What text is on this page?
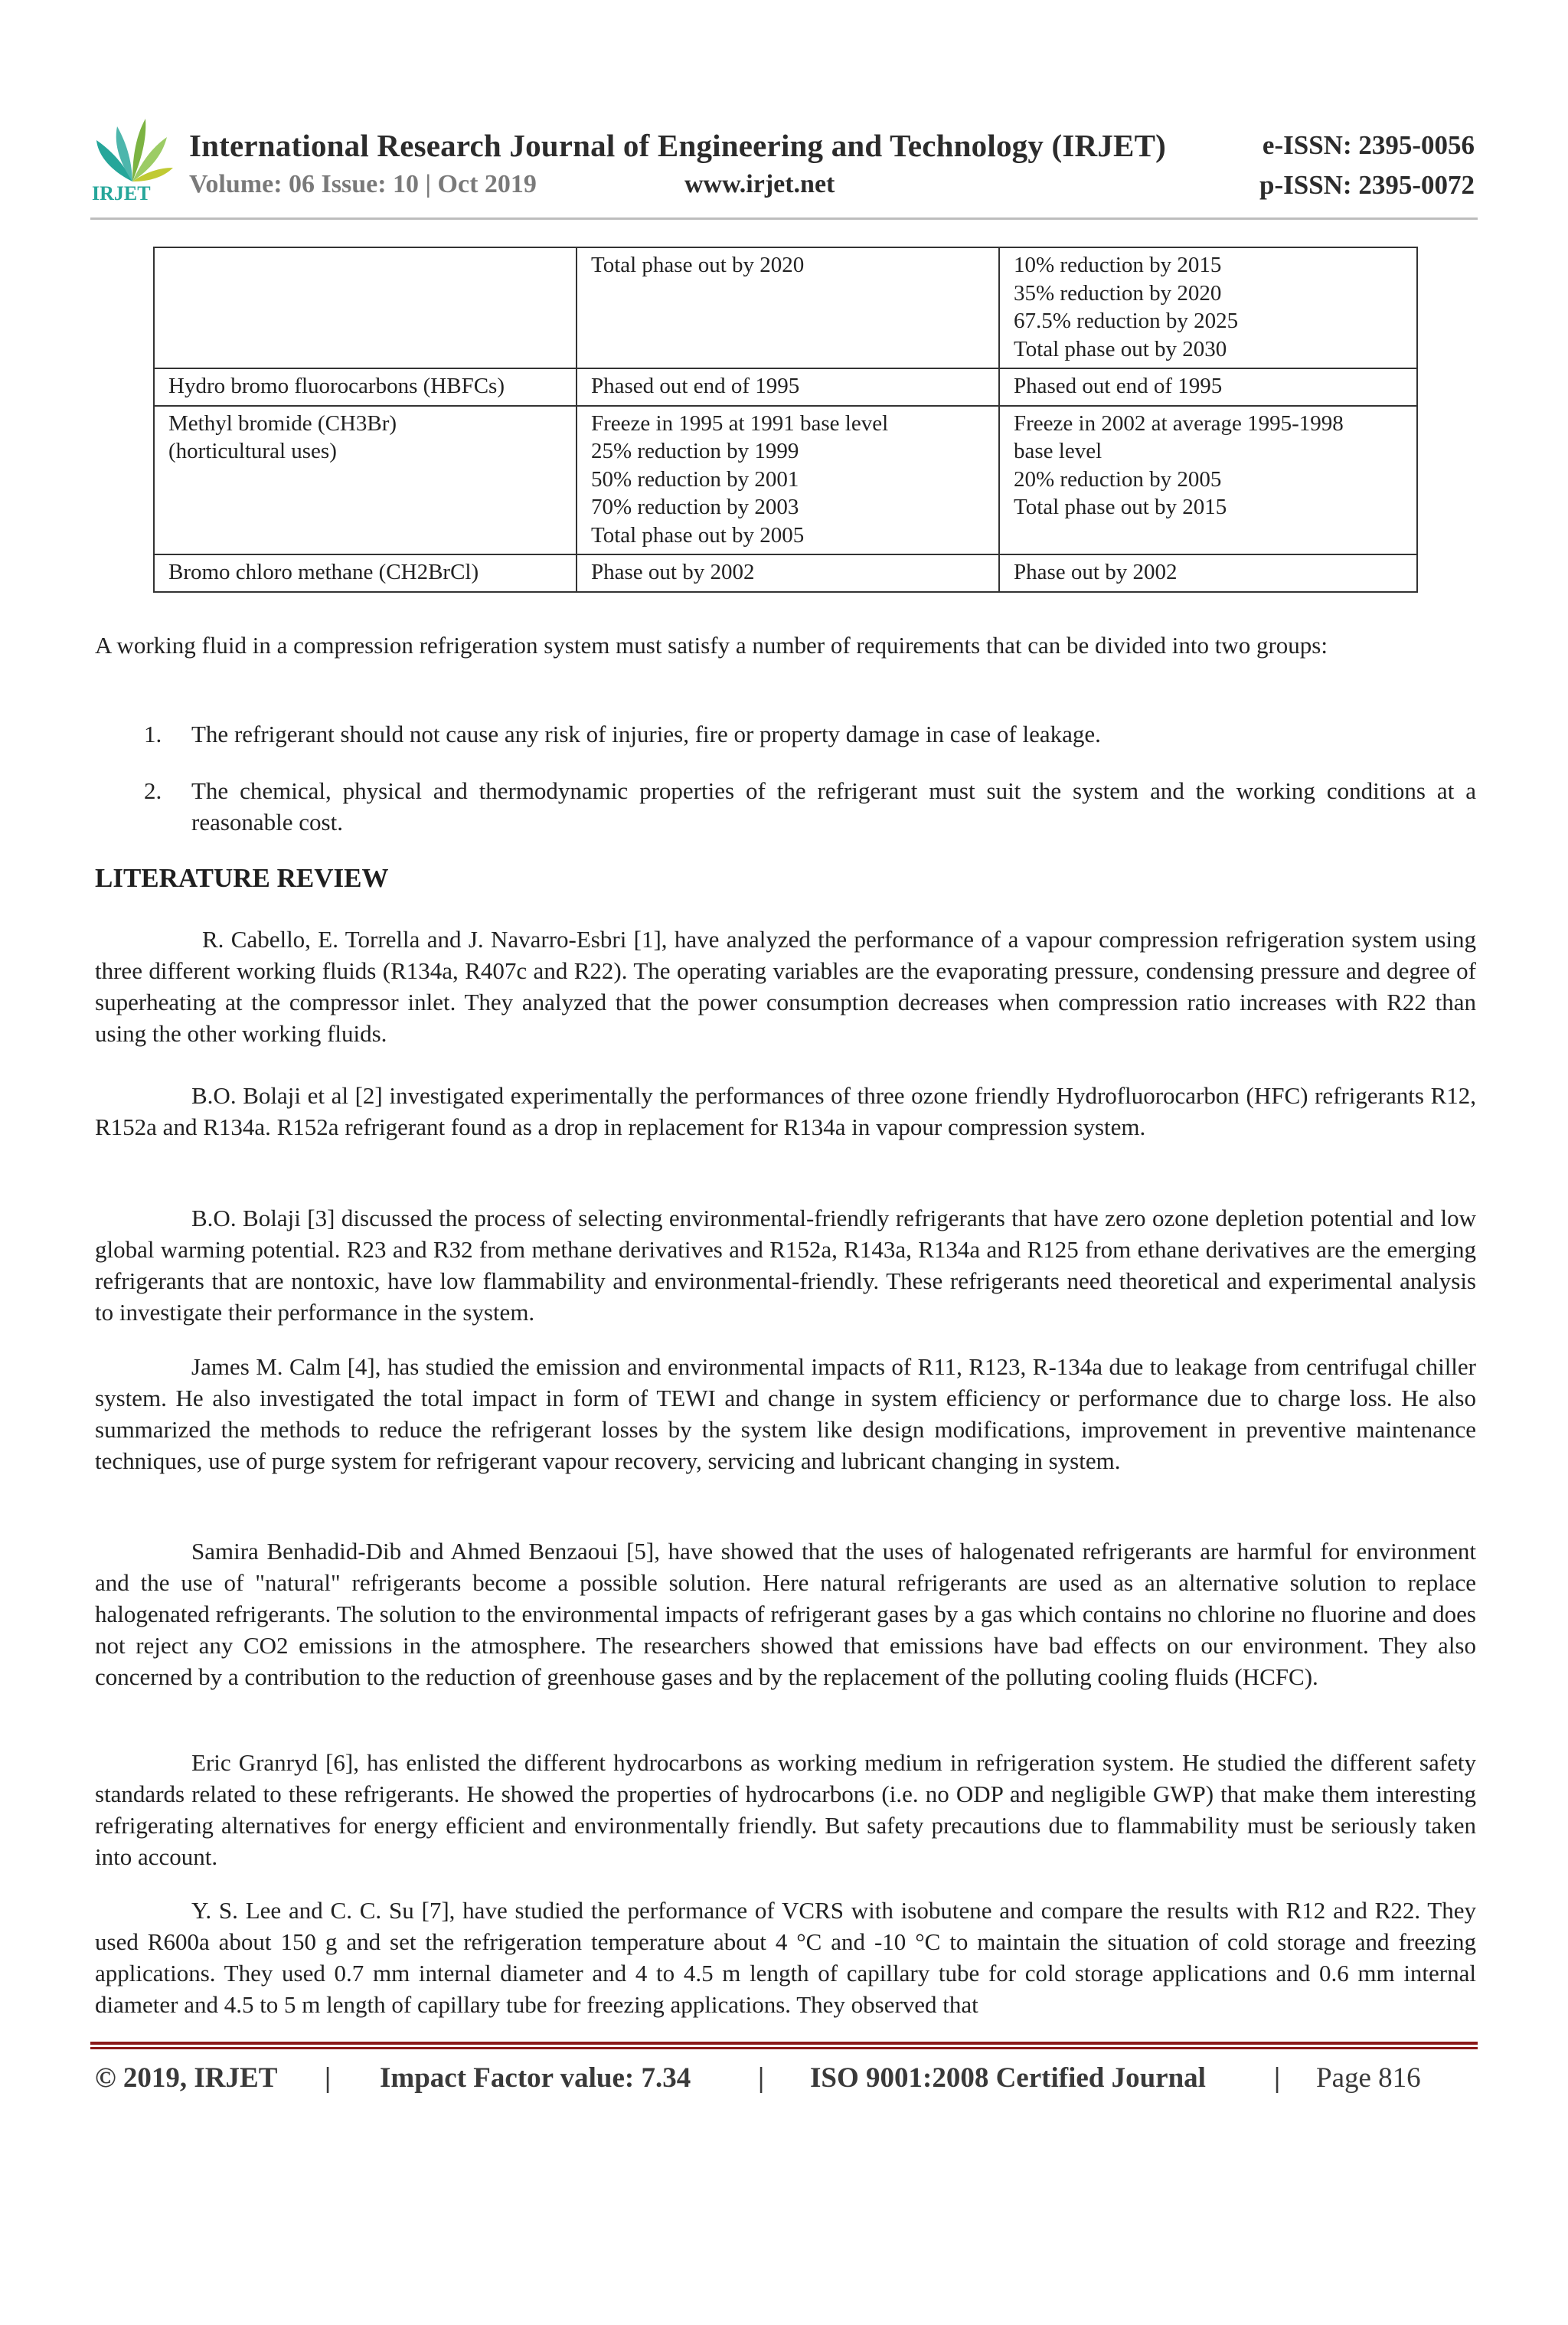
IRJET
International Research Journal of Engineering and Technology (IRJET)	e-ISSN: 2395-0056
Volume: 06 Issue: 10 | Oct 2019	www.irjet.net	p-ISSN: 2395-0072

	Total phase out by 2020	10% reduction by 2015
35% reduction by 2020
67.5% reduction by 2025
Total phase out by 2030

Hydro bromo fluorocarbons (HBFCs)	Phased out end of 1995	Phased out end of 1995

Methyl bromide (CH3Br)
(horticultural uses)	Freeze in 1995 at 1991 base level
25% reduction by 1999
50% reduction by 2001
70% reduction by 2003
Total phase out by 2005	Freeze in 2002 at average 1995-1998
base level
20% reduction by 2005
Total phase out by 2015

Bromo chloro methane (CH2BrCl)	Phase out by 2002	Phase out by 2002
A working fluid in a compression refrigeration system must satisfy a number of requirements that can be divided into two groups:
1. The refrigerant should not cause any risk of injuries, fire or property damage in case of leakage.
2. The chemical, physical and thermodynamic properties of the refrigerant must suit the system and the working conditions at a reasonable cost.
LITERATURE REVIEW
R. Cabello, E. Torrella and J. Navarro-Esbri [1], have analyzed the performance of a vapour compression refrigeration system using three different working fluids (R134a, R407c and R22). The operating variables are the evaporating pressure, condensing pressure and degree of superheating at the compressor inlet. They analyzed that the power consumption decreases when compression ratio increases with R22 than using the other working fluids.
B.O. Bolaji et al [2] investigated experimentally the performances of three ozone friendly Hydrofluorocarbon (HFC) refrigerants R12, R152a and R134a. R152a refrigerant found as a drop in replacement for R134a in vapour compression system.
B.O. Bolaji [3] discussed the process of selecting environmental-friendly refrigerants that have zero ozone depletion potential and low global warming potential. R23 and R32 from methane derivatives and R152a, R143a, R134a and R125 from ethane derivatives are the emerging refrigerants that are nontoxic, have low flammability and environmental-friendly. These refrigerants need theoretical and experimental analysis to investigate their performance in the system.
James M. Calm [4], has studied the emission and environmental impacts of R11, R123, R-134a due to leakage from centrifugal chiller system. He also investigated the total impact in form of TEWI and change in system efficiency or performance due to charge loss. He also summarized the methods to reduce the refrigerant losses by the system like design modifications, improvement in preventive maintenance techniques, use of purge system for refrigerant vapour recovery, servicing and lubricant changing in system.
Samira Benhadid-Dib and Ahmed Benzaoui [5], have showed that the uses of halogenated refrigerants are harmful for environment and the use of "natural" refrigerants become a possible solution. Here natural refrigerants are used as an alternative solution to replace halogenated refrigerants. The solution to the environmental impacts of refrigerant gases by a gas which contains no chlorine no fluorine and does not reject any CO2 emissions in the atmosphere. The researchers showed that emissions have bad effects on our environment. They also concerned by a contribution to the reduction of greenhouse gases and by the replacement of the polluting cooling fluids (HCFC).
Eric Granryd [6], has enlisted the different hydrocarbons as working medium in refrigeration system. He studied the different safety standards related to these refrigerants. He showed the properties of hydrocarbons (i.e. no ODP and negligible GWP) that make them interesting refrigerating alternatives for energy efficient and environmentally friendly. But safety precautions due to flammability must be seriously taken into account.
Y. S. Lee and C. C. Su [7], have studied the performance of VCRS with isobutene and compare the results with R12 and R22. They used R600a about 150 g and set the refrigeration temperature about 4 °C and -10 °C to maintain the situation of cold storage and freezing applications. They used 0.7 mm internal diameter and 4 to 4.5 m length of capillary tube for cold storage applications and 0.6 mm internal diameter and 4.5 to 5 m length of capillary tube for freezing applications. They observed that

© 2019, IRJET

|

Impact Factor value: 7.34

|

ISO 9001:2008 Certified Journal

|

Page 816
